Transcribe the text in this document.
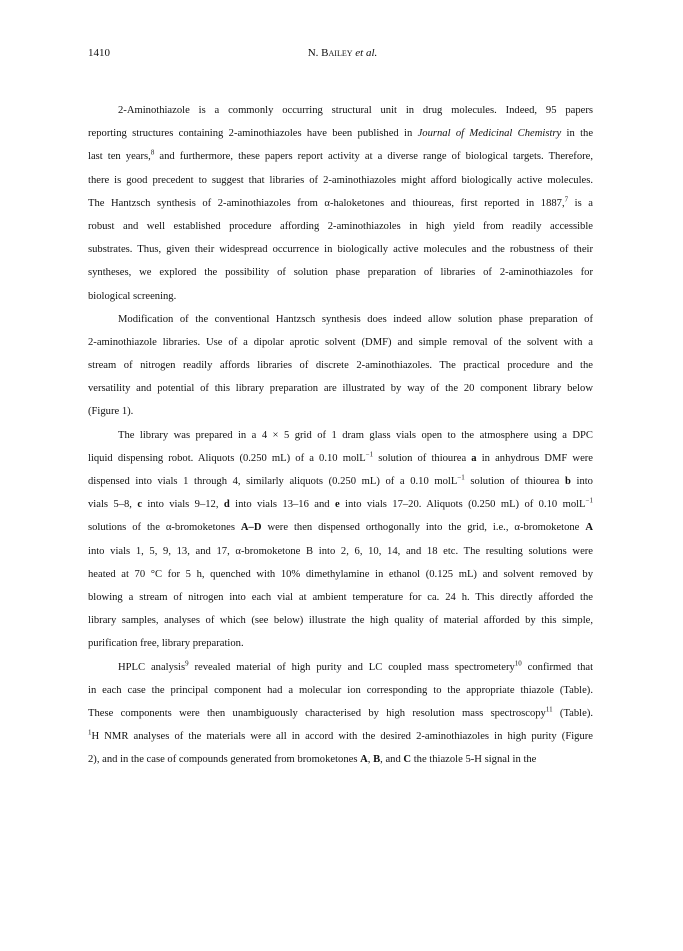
1410	N. Bailey et al.
2-Aminothiazole is a commonly occurring structural unit in drug molecules. Indeed, 95 papers
reporting structures containing 2-aminothiazoles have been published in Journal of Medicinal Chemistry in the
last ten years,$^8$ and furthermore, these papers report activity at a diverse range of biological targets. Therefore,
there is good precedent to suggest that libraries of 2-aminothiazoles might afford biologically active molecules.
The Hantzsch synthesis of 2-aminothiazoles from α-haloketones and thioureas, first reported in 1887,$^7$ is a
robust and well established procedure affording 2-aminothiazoles in high yield from readily accessible
substrates. Thus, given their widespread occurrence in biologically active molecules and the robustness of their
syntheses, we explored the possibility of solution phase preparation of libraries of 2-aminothiazoles for
biological screening.
Modification of the conventional Hantzsch synthesis does indeed allow solution phase preparation of
2-aminothiazole libraries. Use of a dipolar aprotic solvent (DMF) and simple removal of the solvent with a
stream of nitrogen readily affords libraries of discrete 2-aminothiazoles. The practical procedure and the
versatility and potential of this library preparation are illustrated by way of the 20 component library below
(Figure 1).
The library was prepared in a 4 × 5 grid of 1 dram glass vials open to the atmosphere using a DPC
liquid dispensing robot. Aliquots (0.250 mL) of a 0.10 molL$^{-1}$ solution of thiourea a in anhydrous DMF were
dispensed into vials 1 through 4, similarly aliquots (0.250 mL) of a 0.10 molL$^{-1}$ solution of thiourea b into
vials 5–8, c into vials 9–12, d into vials 13–16 and e into vials 17–20. Aliquots (0.250 mL) of 0.10 molL$^{-1}$
solutions of the α-bromoketones A–D were then dispensed orthogonally into the grid, i.e., α-bromoketone A
into vials 1, 5, 9, 13, and 17, α-bromoketone B into 2, 6, 10, 14, and 18 etc. The resulting solutions were
heated at 70 °C for 5 h, quenched with 10% dimethylamine in ethanol (0.125 mL) and solvent removed by
blowing a stream of nitrogen into each vial at ambient temperature for ca. 24 h. This directly afforded the
library samples, analyses of which (see below) illustrate the high quality of material afforded by this simple,
purification free, library preparation.
HPLC analysis$^9$ revealed material of high purity and LC coupled mass spectrometery$^{10}$ confirmed that
in each case the principal component had a molecular ion corresponding to the appropriate thiazole (Table).
These components were then unambiguously characterised by high resolution mass spectroscopy$^{11}$ (Table).
$^1$H NMR analyses of the materials were all in accord with the desired 2-aminothiazoles in high purity (Figure
2), and in the case of compounds generated from bromoketones A, B, and C the thiazole 5-H signal in the
